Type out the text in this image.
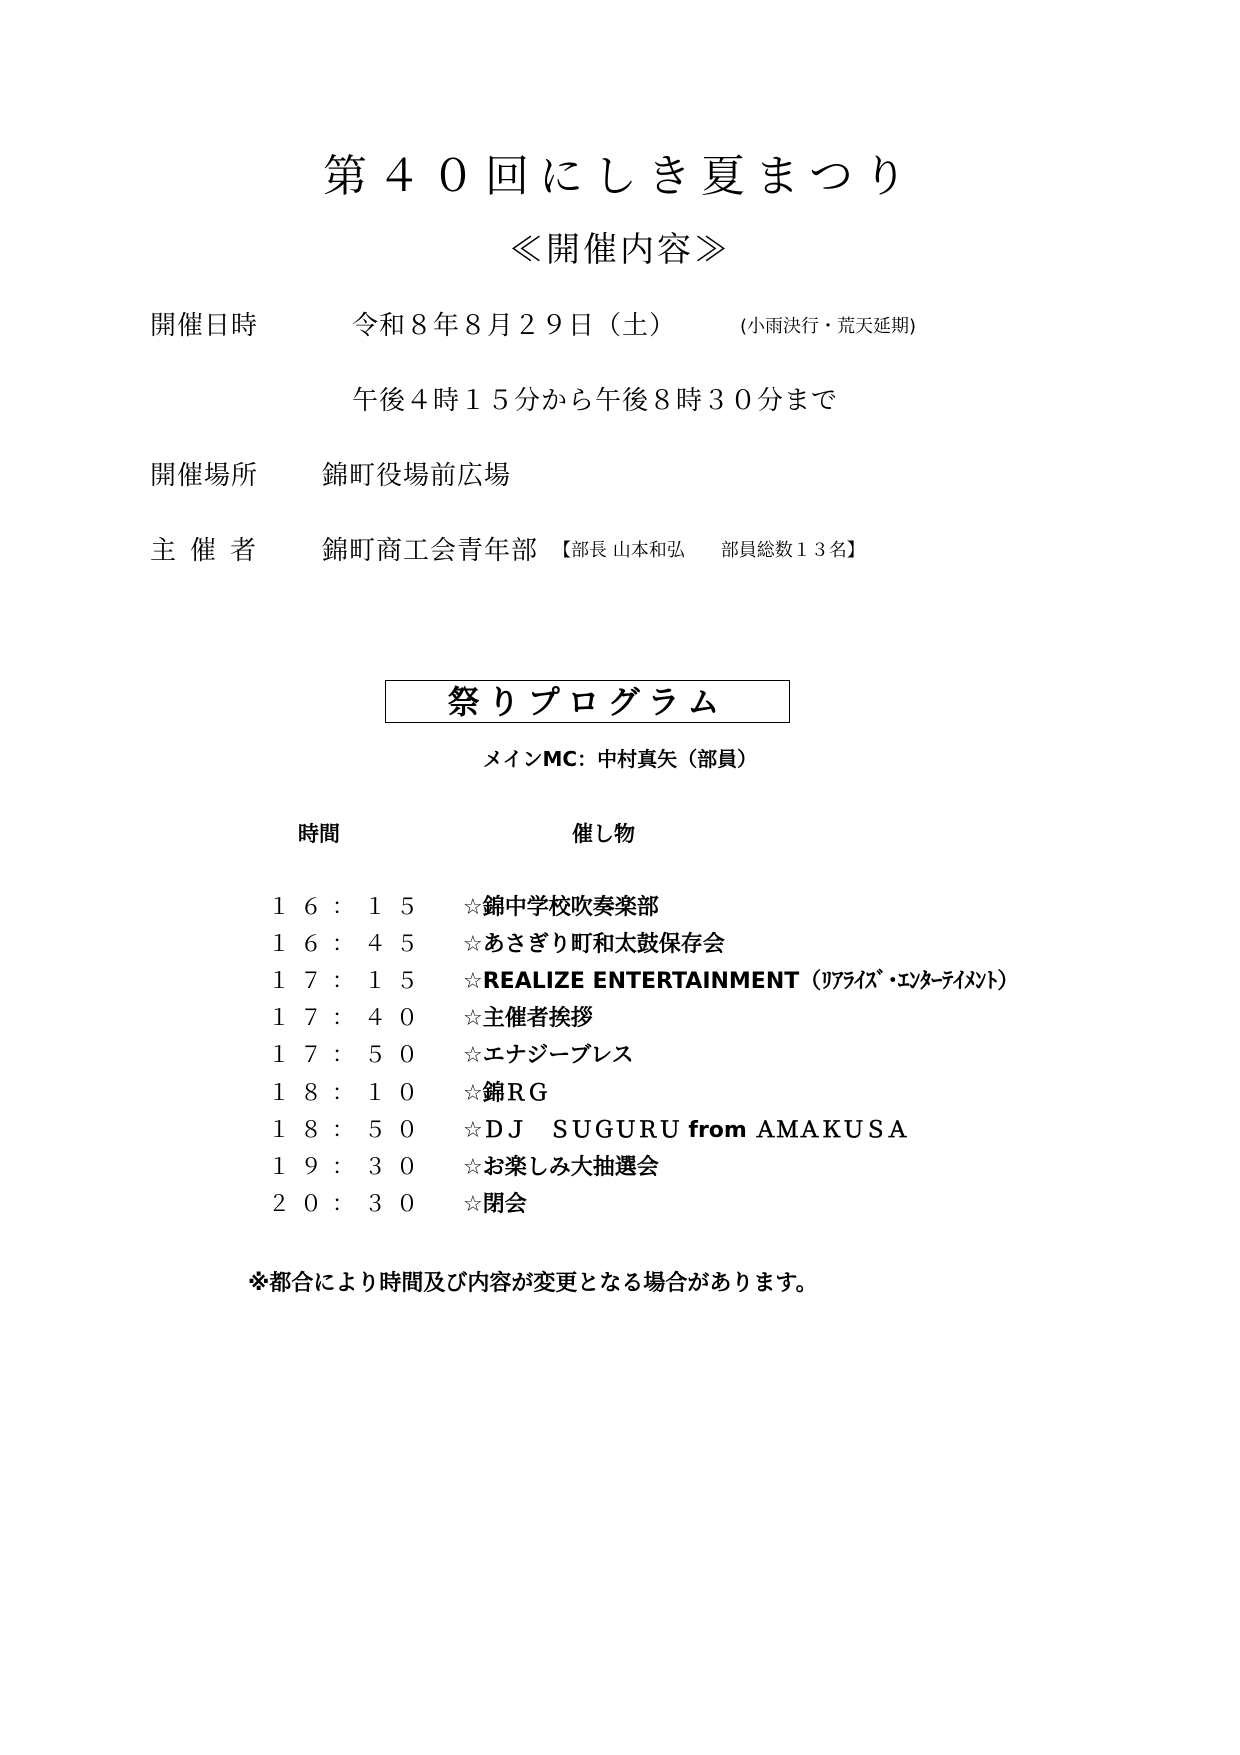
第４０回にしき夏まつり
≪開催内容≫
開催日時	令和８年８月２９日（土）	(小雨決行・荒天延期)
午後４時１５分から午後８時３０分まで
開催場所 錦町役場前広場
主催者 錦町商工会青年部 【部長 山本和弘　　部員総数１３名】
祭りプログラム
メインMC：中村真矢（部員）
時間	催し物
１６：１５ ☆錦中学校吹奏楽部
１６：４５ ☆あさぎり町和太鼓保存会
１７：１５ ☆REALIZE ENTERTAINMENT（ﾘｱﾗｲｽﾞ･ｴﾝﾀｰﾃｲﾒﾝﾄ）
１７：４０ ☆主催者挨拶
１７：５０ ☆エナジーブレス
１８：１０ ☆錦ＲＧ
１８：５０ ☆ＤＪ　ＳＵＧＵＲＵ from ＡＭＡＫＵＳＡ
１９：３０ ☆お楽しみ大抽選会
２０：３０ ☆閉会
※都合により時間及び内容が変更となる場合があります。
